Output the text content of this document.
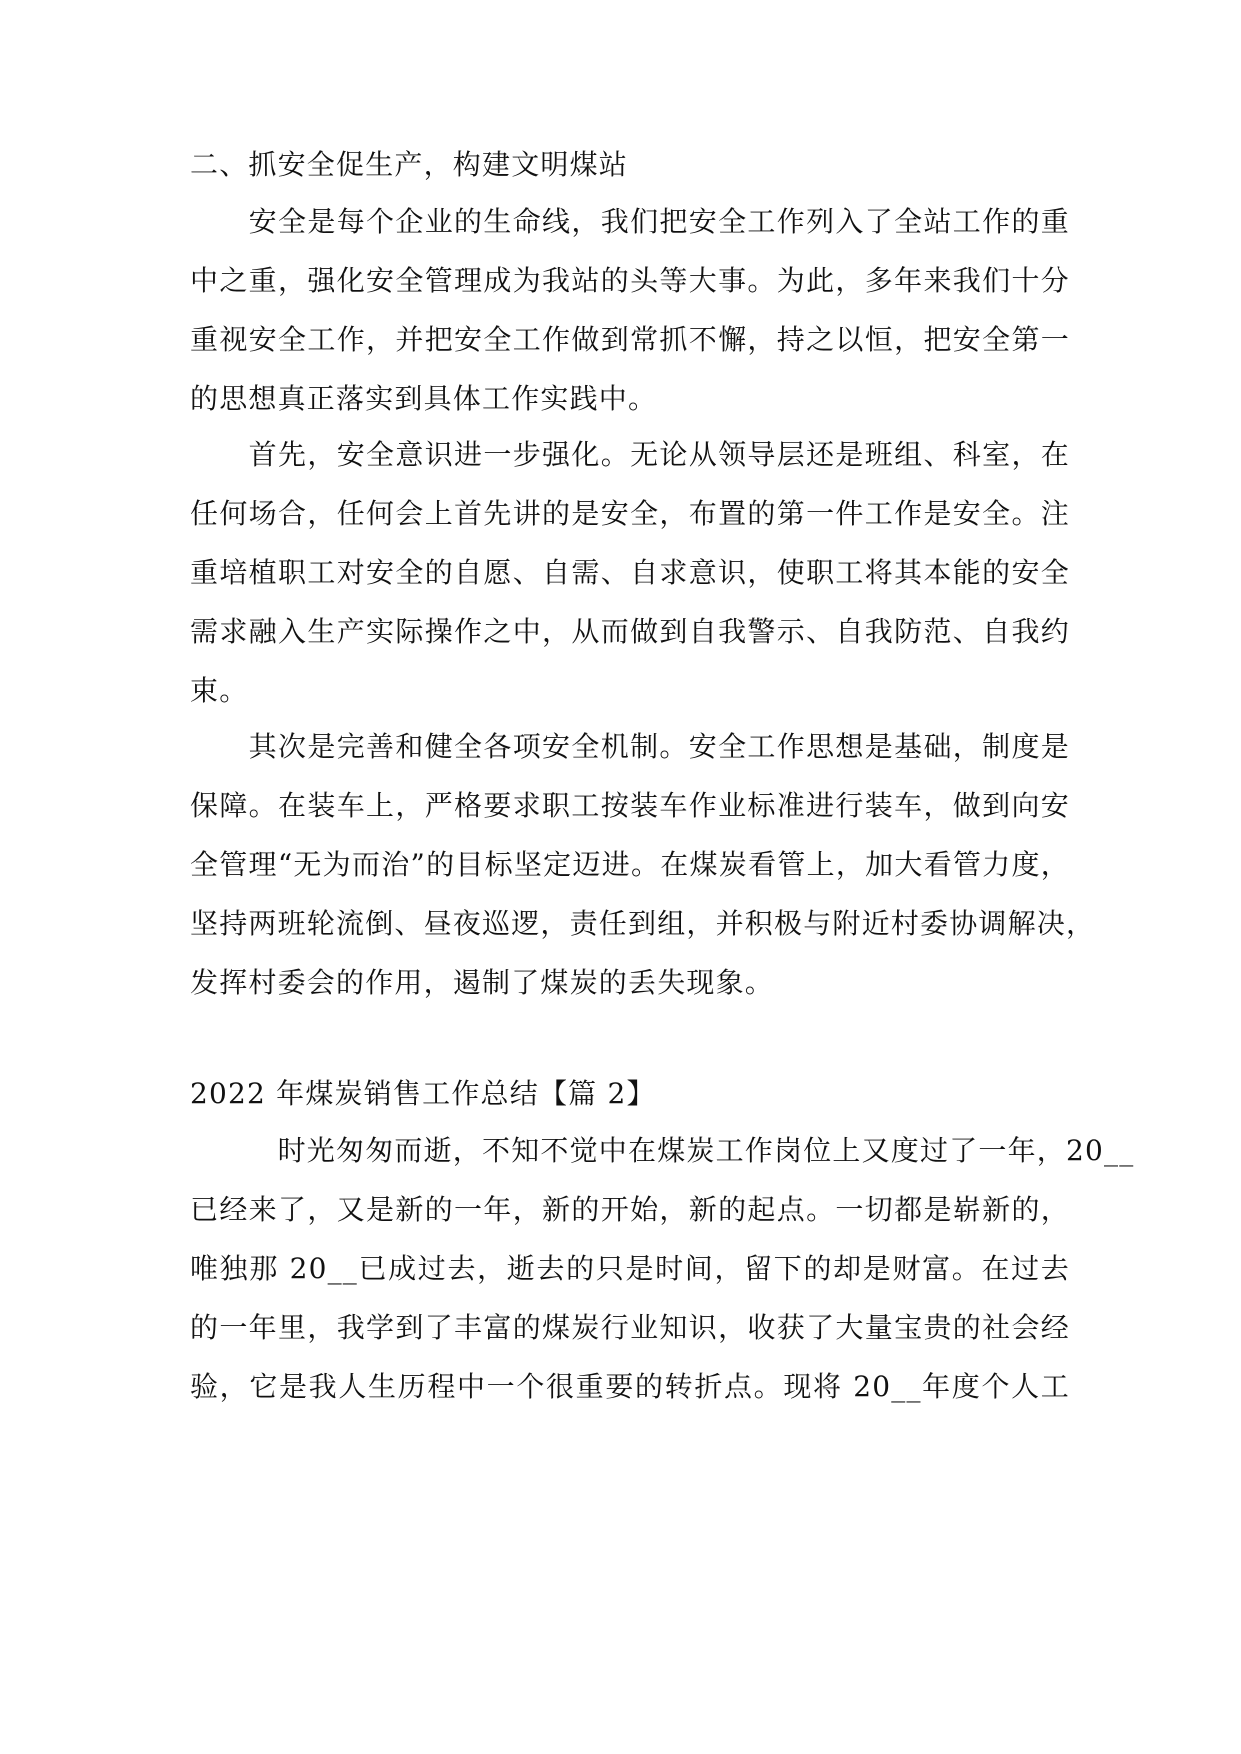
二、抓安全促生产，构建文明煤站
　　安全是每个企业的生命线，我们把安全工作列入了全站工作的重
中之重，强化安全管理成为我站的头等大事。为此，多年来我们十分
重视安全工作，并把安全工作做到常抓不懈，持之以恒，把安全第一
的思想真正落实到具体工作实践中。
　　首先，安全意识进一步强化。无论从领导层还是班组、科室，在
任何场合，任何会上首先讲的是安全，布置的第一件工作是安全。注
重培植职工对安全的自愿、自需、自求意识，使职工将其本能的安全
需求融入生产实际操作之中，从而做到自我警示、自我防范、自我约
束。
　　其次是完善和健全各项安全机制。安全工作思想是基础，制度是
保障。在装车上，严格要求职工按装车作业标准进行装车，做到向安
全管理“无为而治”的目标坚定迈进。在煤炭看管上，加大看管力度，
坚持两班轮流倒、昼夜巡逻，责任到组，并积极与附近村委协调解决，
发挥村委会的作用，遏制了煤炭的丢失现象。
2022 年煤炭销售工作总结【篇 2】
　　　时光匆匆而逝，不知不觉中在煤炭工作岗位上又度过了一年，20__
已经来了，又是新的一年，新的开始，新的起点。一切都是崭新的，
唯独那 20__已成过去，逝去的只是时间，留下的却是财富。在过去
的一年里，我学到了丰富的煤炭行业知识，收获了大量宝贵的社会经
验，它是我人生历程中一个很重要的转折点。现将 20__年度个人工
